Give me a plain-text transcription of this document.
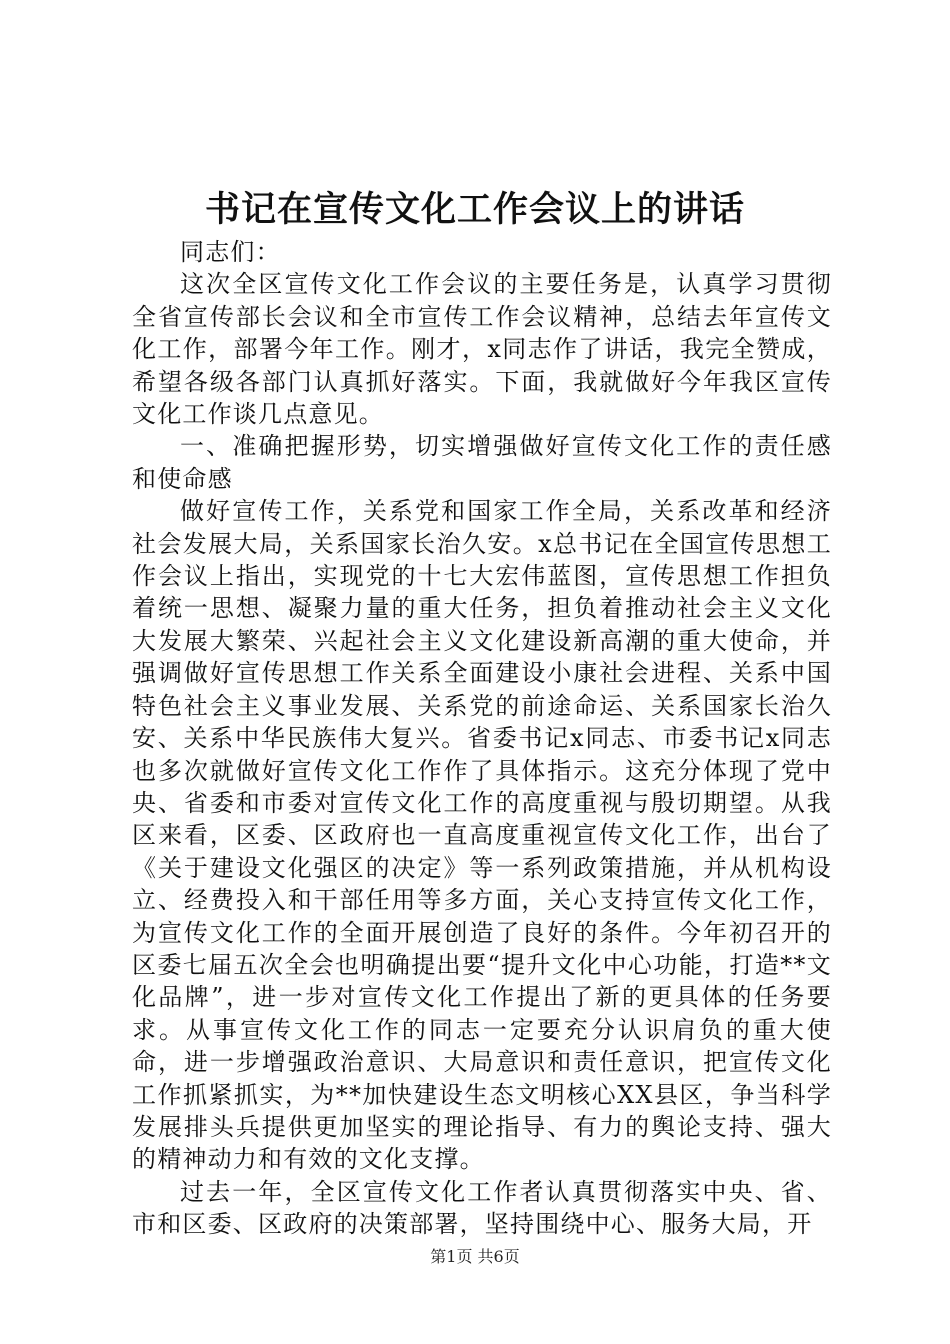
书记在宣传文化工作会议上的讲话

同志们：

这次全区宣传文化工作会议的主要任务是，认真学习贯彻全省宣传部长会议和全市宣传工作会议精神，总结去年宣传文化工作，部署今年工作。刚才，x同志作了讲话，我完全赞成，希望各级各部门认真抓好落实。下面，我就做好今年我区宣传文化工作谈几点意见。

一、准确把握形势，切实增强做好宣传文化工作的责任感和使命感

做好宣传工作，关系党和国家工作全局，关系改革和经济社会发展大局，关系国家长治久安。x总书记在全国宣传思想工作会议上指出，实现党的十七大宏伟蓝图，宣传思想工作担负着统一思想、凝聚力量的重大任务，担负着推动社会主义文化大发展大繁荣、兴起社会主义文化建设新高潮的重大使命，并强调做好宣传思想工作关系全面建设小康社会进程、关系中国特色社会主义事业发展、关系党的前途命运、关系国家长治久安、关系中华民族伟大复兴。省委书记x同志、市委书记x同志也多次就做好宣传文化工作作了具体指示。这充分体现了党中央、省委和市委对宣传文化工作的高度重视与殷切期望。从我区来看，区委、区政府也一直高度重视宣传文化工作，出台了《关于建设文化强区的决定》等一系列政策措施，并从机构设立、经费投入和干部任用等多方面，关心支持宣传文化工作，为宣传文化工作的全面开展创造了良好的条件。今年初召开的区委七届五次全会也明确提出要“提升文化中心功能，打造**文化品牌”，进一步对宣传文化工作提出了新的更具体的任务要求。从事宣传文化工作的同志一定要充分认识肩负的重大使命，进一步增强政治意识、大局意识和责任意识，把宣传文化工作抓紧抓实，为**加快建设生态文明核心XX县区，争当科学发展排头兵提供更加坚实的理论指导、有力的舆论支持、强大的精神动力和有效的文化支撑。

过去一年，全区宣传文化工作者认真贯彻落实中央、省、市和区委、区政府的决策部署，坚持围绕中心、服务大局，开

第1页 共6页
